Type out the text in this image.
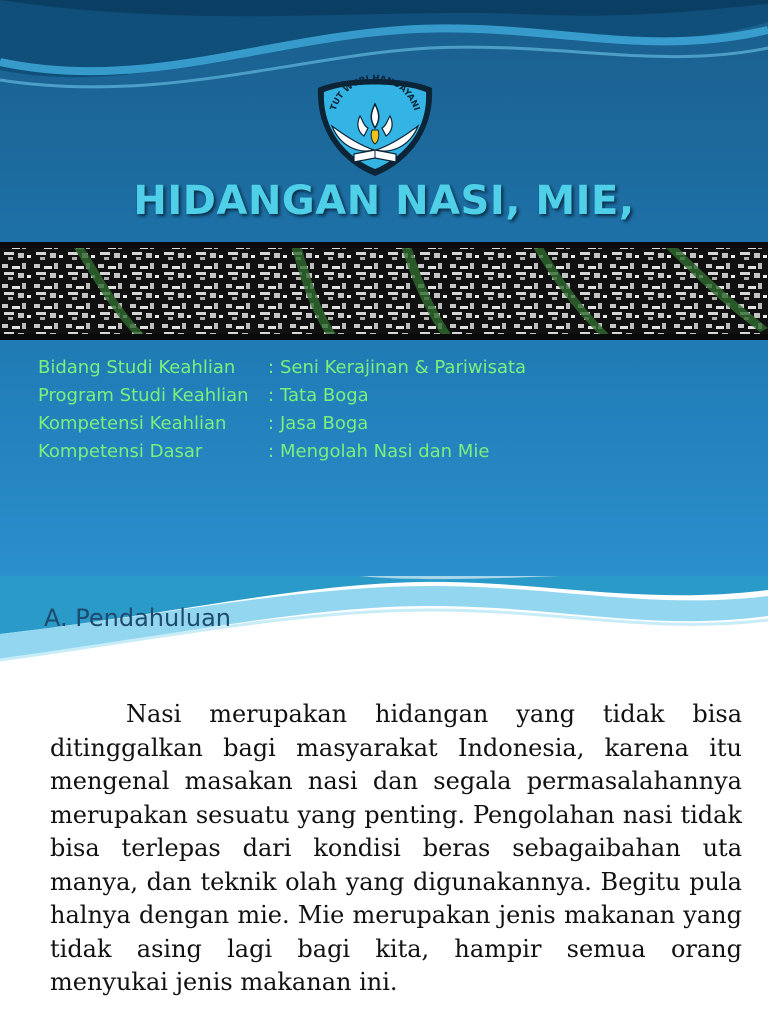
TUT WURI HANDAYANI
HIDANGAN NASI, MIE,
Bidang Studi Keahlian	: Seni Kerajinan & Pariwisata
Program Studi Keahlian	: Tata Boga
Kompetensi Keahlian	: Jasa Boga
Kompetensi Dasar	: Mengolah Nasi dan Mie
A. Pendahuluan
Nasi merupakan hidangan yang tidak bisa ditinggalkan bagi masyarakat Indonesia, karena itu mengenal masakan nasi dan segala permasalahannya merupakan sesuatu yang penting. Pengolahan nasi tidak bisa terlepas dari kondisi beras sebagaibahan uta manya, dan teknik olah yang digunakannya. Begitu pula halnya dengan mie. Mie merupakan jenis makanan yang tidak asing lagi bagi kita, hampir semua orang menyukai jenis makanan ini.
